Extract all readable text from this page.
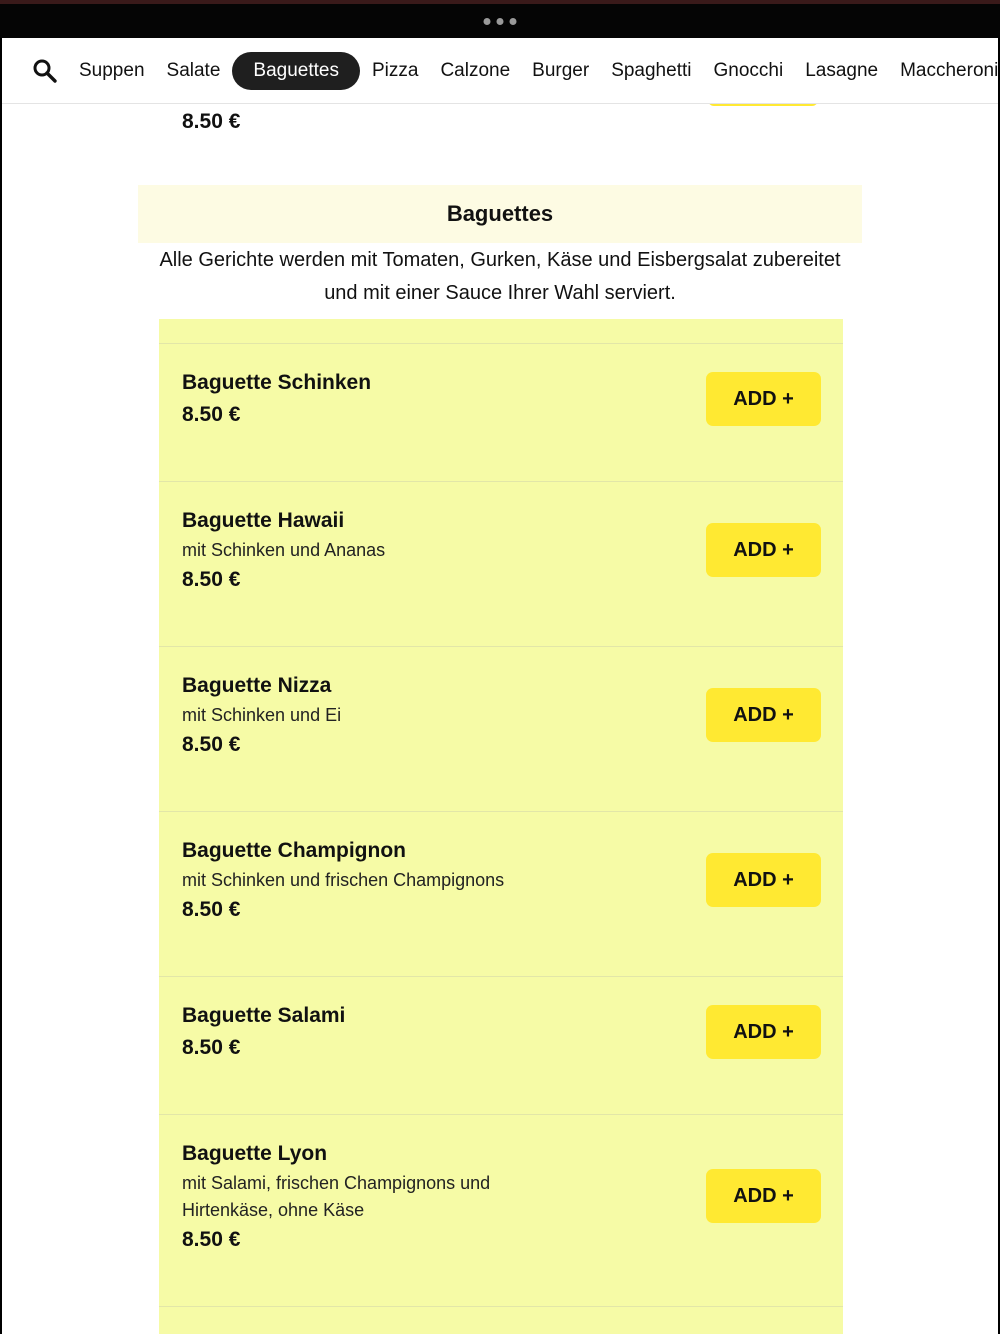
Suppen	Salate	Baguettes	Pizza	Calzone	Burger	Spaghetti	Gnocchi	Lasagne	Maccheroni
8.50 €
Baguettes
Alle Gerichte werden mit Tomaten, Gurken, Käse und Eisbergsalat zubereitet und mit einer Sauce Ihrer Wahl serviert.
Baguette Schinken
8.50 €
ADD +
Baguette Hawaii
mit Schinken und Ananas
8.50 €
ADD +
Baguette Nizza
mit Schinken und Ei
8.50 €
ADD +
Baguette Champignon
mit Schinken und frischen Champignons
8.50 €
ADD +
Baguette Salami
8.50 €
ADD +
Baguette Lyon
mit Salami, frischen Champignons und Hirtenkäse, ohne Käse
8.50 €
ADD +
